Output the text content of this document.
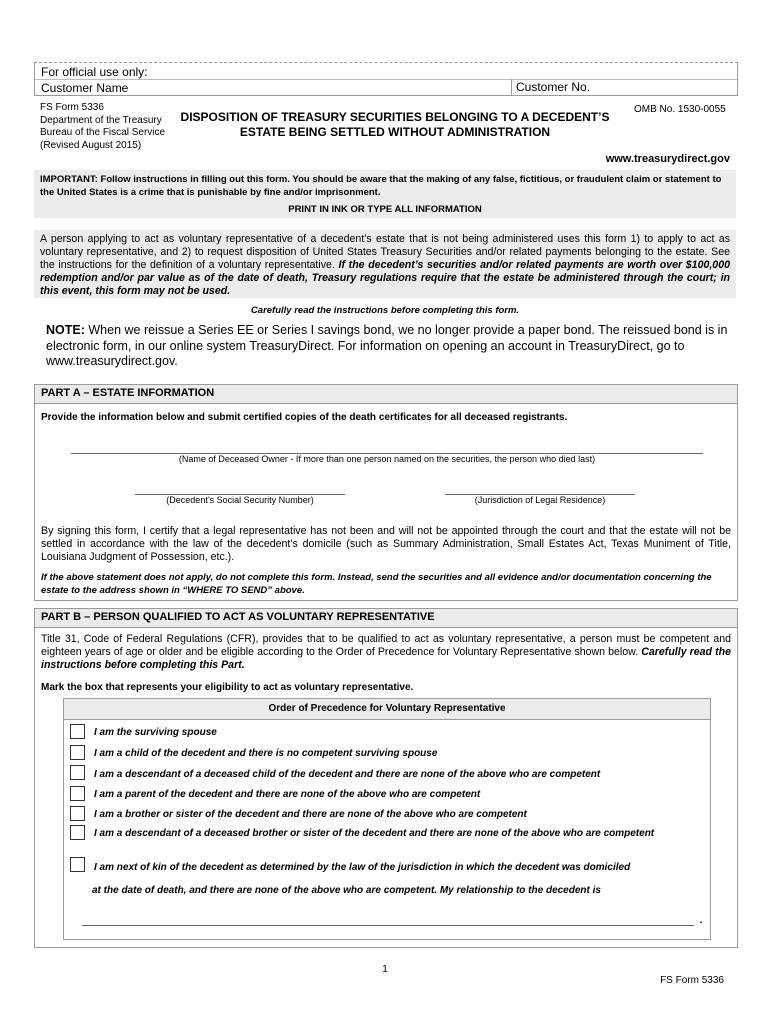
For official use only:
Customer Name	Customer No.
FS Form 5336
Department of the Treasury
Bureau of the Fiscal Service
(Revised August 2015)
DISPOSITION OF TREASURY SECURITIES BELONGING TO A DECEDENT’S
ESTATE BEING SETTLED WITHOUT ADMINISTRATION
OMB No. 1530-0055
www.treasurydirect.gov
IMPORTANT: Follow instructions in filling out this form. You should be aware that the making of any false, fictitious, or fraudulent claim or statement to the United States is a crime that is punishable by fine and/or imprisonment.
PRINT IN INK OR TYPE ALL INFORMATION
A person applying to act as voluntary representative of a decedent’s estate that is not being administered uses this form 1) to apply to act as voluntary representative, and 2) to request disposition of United States Treasury Securities and/or related payments belonging to the estate. See the instructions for the definition of a voluntary representative. If the decedent’s securities and/or related payments are worth over $100,000 redemption and/or par value as of the date of death, Treasury regulations require that the estate be administered through the court; in this event, this form may not be used.
Carefully read the instructions before completing this form.
NOTE: When we reissue a Series EE or Series I savings bond, we no longer provide a paper bond. The reissued bond is in electronic form, in our online system TreasuryDirect. For information on opening an account in TreasuryDirect, go to www.treasurydirect.gov.
PART A – ESTATE INFORMATION
Provide the information below and submit certified copies of the death certificates for all deceased registrants.
(Name of Deceased Owner - If more than one person named on the securities, the person who died last)
(Decedent’s Social Security Number)	(Jurisdiction of Legal Residence)
By signing this form, I certify that a legal representative has not been and will not be appointed through the court and that the estate will not be settled in accordance with the law of the decedent’s domicile (such as Summary Administration, Small Estates Act, Texas Muniment of Title, Louisiana Judgment of Possession, etc.).
If the above statement does not apply, do not complete this form. Instead, send the securities and all evidence and/or documentation concerning the estate to the address shown in “WHERE TO SEND” above.
PART B – PERSON QUALIFIED TO ACT AS VOLUNTARY REPRESENTATIVE
Title 31, Code of Federal Regulations (CFR), provides that to be qualified to act as voluntary representative, a person must be competent and eighteen years of age or older and be eligible according to the Order of Precedence for Voluntary Representative shown below. Carefully read the instructions before completing this Part.
Mark the box that represents your eligibility to act as voluntary representative.
Order of Precedence for Voluntary Representative
I am the surviving spouse
I am a child of the decedent and there is no competent surviving spouse
I am a descendant of a deceased child of the decedent and there are none of the above who are competent
I am a parent of the decedent and there are none of the above who are competent
I am a brother or sister of the decedent and there are none of the above who are competent
I am a descendant of a deceased brother or sister of the decedent and there are none of the above who are competent
I am next of kin of the decedent as determined by the law of the jurisdiction in which the decedent was domiciled
at the date of death, and there are none of the above who are competent. My relationship to the decedent is
.
1
FS Form 5336
